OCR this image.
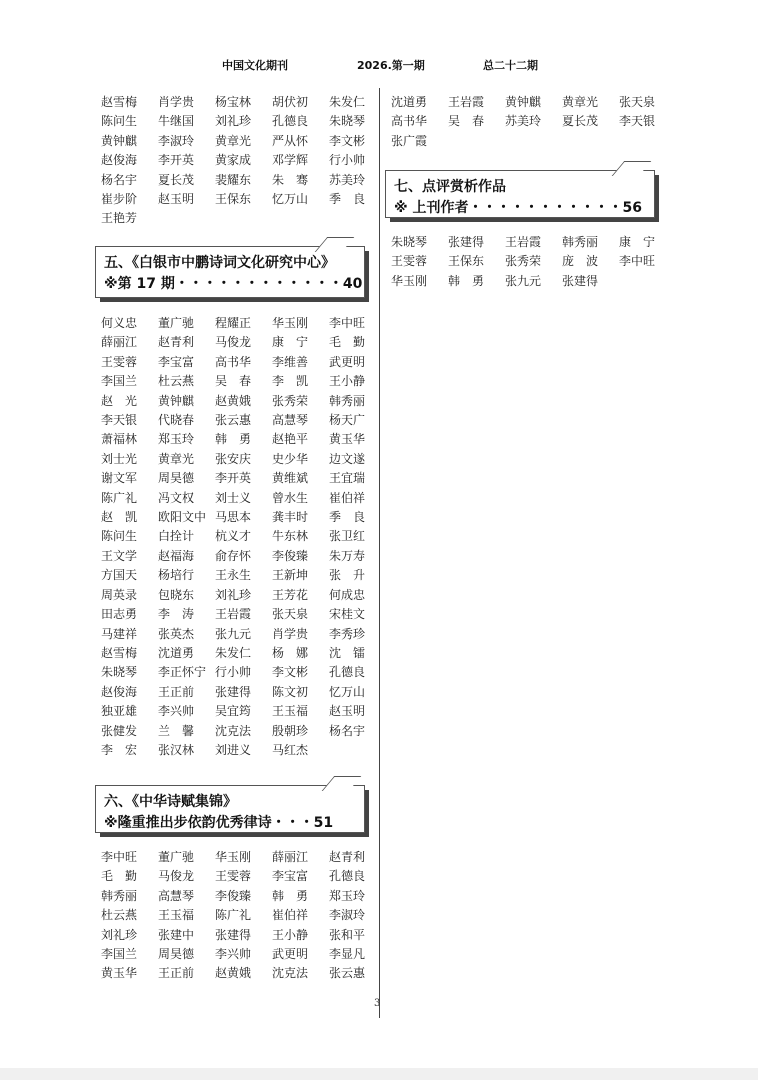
中国文化期刊	2026.第一期	总二十二期
赵雪梅 肖学贵 杨宝林 胡伏初 朱发仁陈问生 牛继国 刘礼珍 孔德良 朱晓琴黄钟麒 李淑玲 黄章光 严从怀 李文彬赵俊海 李开英 黄家成 邓学辉 行小帅杨名宇 夏长茂 裴耀东 朱　骞 苏美玲崔步阶 赵玉明 王保东 忆万山 季　良王艳芳
五、《白银市中鹏诗词文化研究中心》
※第 17 期・・・・・・・・・・・・40
何义忠 董广驰 程耀正 华玉刚 李中旺薛丽江 赵青利 马俊龙 康　宁 毛　勤王雯蓉 李宝富 高书华 李维善 武更明李国兰 杜云燕 吴　春 李　凯 王小静赵　光 黄钟麒 赵黄娥 张秀荣 韩秀丽李天银 代晓春 张云惠 高慧琴 杨天广萧福林 郑玉玲 韩　勇 赵艳平 黄玉华刘士光 黄章光 张安庆 史少华 边文遂谢文军 周昊德 李开英 黄维斌 王宜瑞陈广礼 冯文权 刘士义 曾水生 崔伯祥赵　凯 欧阳文中 马思本 龚丰时 季　良陈问生 白拴计 杭义才 牛东林 张卫红王文学 赵福海 俞存怀 李俊臻 朱万寿方国天 杨培行 王永生 王新坤 张　升周英录 包晓东 刘礼珍 王芳花 何成忠田志勇 李　涛 王岩霞 张天泉 宋桂文马建祥 张英杰 张九元 肖学贵 李秀珍赵雪梅 沈道勇 朱发仁 杨　娜 沈　镭朱晓琴 李正怀宁 行小帅 李文彬 孔德良赵俊海 王正前 张建得 陈文初 忆万山独亚雄 李兴帅 吴宜筠 王玉福 赵玉明张健发 兰　馨 沈克法 殷朝珍 杨名宇李　宏 张汉林 刘进义 马红杰
六、《中华诗赋集锦》
※隆重推出步依韵优秀律诗・・・51
李中旺 董广驰 华玉刚 薛丽江 赵青利毛　勤 马俊龙 王雯蓉 李宝富 孔德良韩秀丽 高慧琴 李俊臻 韩　勇 郑玉玲杜云燕 王玉福 陈广礼 崔伯祥 李淑玲刘礼珍 张建中 张建得 王小静 张和平李国兰 周昊德 李兴帅 武更明 李显凡黄玉华 王正前 赵黄娥 沈克法 张云惠
沈道勇 王岩霞 黄钟麒 黄章光 张天泉高书华 吴　春 苏美玲 夏长茂 李天银张广霞
七、点评赏析作品
※ 上刊作者・・・・・・・・・・・56
朱晓琴 张建得 王岩霞 韩秀丽 康　宁王雯蓉 王保东 张秀荣 庞　波 李中旺华玉刚 韩　勇 张九元 张建得
3
